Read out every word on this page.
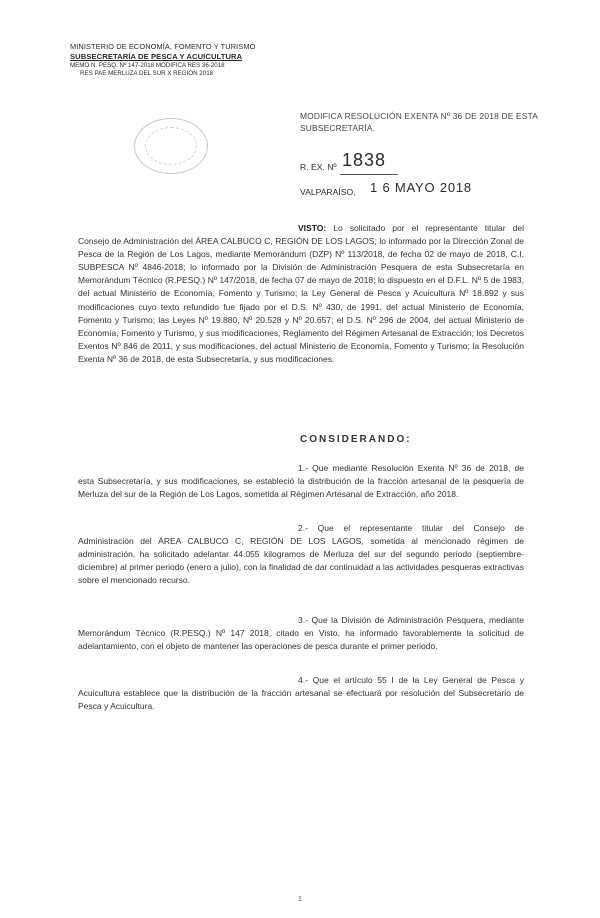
MINISTERIO DE ECONOMÍA, FOMENTO Y TURISMO
SUBSECRETARÍA DE PESCA Y ACUICULTURA
MEMO N. PESQ. Nº 147-2018 MODIFICA RES 36-2018
RES PAE MERLUZA DEL SUR X REGIÓN 2018
MODIFICA RESOLUCIÓN EXENTA Nº 36 DE 2018 DE ESTA SUBSECRETARÍA.
R. EX. Nº 1838
VALPARAÍSO, 1 6 MAYO 2018
VISTO: Lo solicitado por el representante titular del Consejo de Administración del ÁREA CALBUCO C, REGIÓN DE LOS LAGOS; lo informado por la Dirección Zonal de Pesca de la Región de Los Lagos, mediante Memorándum (DZP) Nº 113/2018, de fecha 02 de mayo de 2018, C.I. SUBPESCA Nº 4846-2018; lo informado por la División de Administración Pesquera de esta Subsecretaría en Memorándum Técnico (R.PESQ.) Nº 147/2018, de fecha 07 de mayo de 2018; lo dispuesto en el D.F.L. Nº 5 de 1983, del actual Ministerio de Economía, Fomento y Turismo; la Ley General de Pesca y Acuicultura Nº 18.892 y sus modificaciones cuyo texto refundido fue fijado por el D.S. Nº 430, de 1991, del actual Ministerio de Economía, Fomento y Turismo; las Leyes Nº 19.880, Nº 20.528 y Nº 20.657; el D.S. Nº 296 de 2004, del actual Ministerio de Economía, Fomento y Turismo, y sus modificaciones, Reglamento del Régimen Artesanal de Extracción; los Decretos Exentos Nº 846 de 2011, y sus modificaciones, del actual Ministerio de Economía, Fomento y Turismo; la Resolución Exenta Nº 36 de 2018, de esta Subsecretaría, y sus modificaciones.
CONSIDERANDO:
1.- Que mediante Resolución Exenta Nº 36 de 2018, de esta Subsecretaría, y sus modificaciones, se estableció la distribución de la fracción artesanal de la pesquería de Merluza del sur de la Región de Los Lagos, sometida al Régimen Artesanal de Extracción, año 2018.
2.- Que el representante titular del Consejo de Administración del ÁREA CALBUCO C, REGIÓN DE LOS LAGOS, sometida al mencionado régimen de administración, ha solicitado adelantar 44.055 kilogramos de Merluza del sur del segundo periodo (septiembre-diciembre) al primer periodo (enero a julio), con la finalidad de dar continuidad a las actividades pesqueras extractivas sobre el mencionado recurso.
3.- Que la División de Administración Pesquera, mediante Memorándum Técnico (R.PESQ.) Nº 147 2018, citado en Visto, ha informado favorablemente la solicitud de adelantamiento, con el objeto de mantener las operaciones de pesca durante el primer periodo.
4.- Que el artículo 55 I de la Ley General de Pesca y Acuicultura establece que la distribución de la fracción artesanal se efectuará por resolución del Subsecretario de Pesca y Acuicultura.
1
